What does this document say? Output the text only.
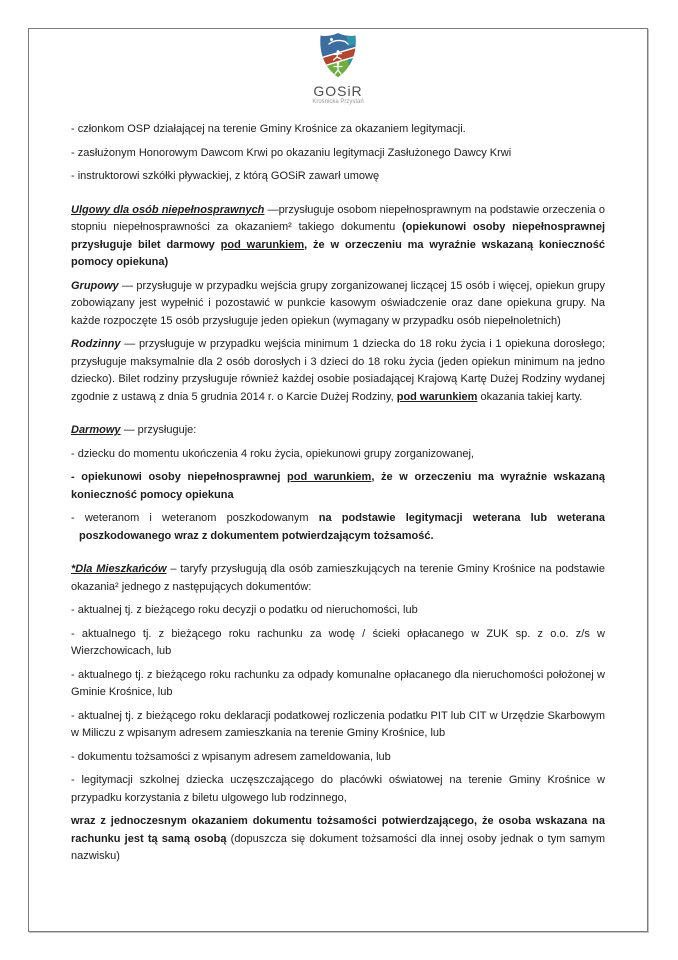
GOSiR
Krośnicka Przystań

- członkom OSP działającej na terenie Gminy Krośnice za okazaniem legitymacji.

- zasłużonym Honorowym Dawcom Krwi po okazaniu legitymacji Zasłużonego Dawcy Krwi

- instruktorowi szkółki pływackiej, z którą GOSiR zawarł umowę

Ulgowy dla osób niepełnosprawnych —przysługuje osobom niepełnosprawnym na podstawie orzeczenia o stopniu niepełnosprawności za okazaniem² takiego dokumentu (opiekunowi osoby niepełnosprawnej przysługuje bilet darmowy pod warunkiem, że w orzeczeniu ma wyraźnie wskazaną konieczność pomocy opiekuna)

Grupowy — przysługuje w przypadku wejścia grupy zorganizowanej liczącej 15 osób i więcej, opiekun grupy zobowiązany jest wypełnić i pozostawić w punkcie kasowym oświadczenie oraz dane opiekuna grupy. Na każde rozpoczęte 15 osób przysługuje jeden opiekun (wymagany w przypadku osób niepełnoletnich)

Rodzinny — przysługuje w przypadku wejścia minimum 1 dziecka do 18 roku życia i 1 opiekuna dorosłego; przysługuje maksymalnie dla 2 osób dorosłych i 3 dzieci do 18 roku życia (jeden opiekun minimum na jedno dziecko). Bilet rodziny przysługuje również każdej osobie posiadającej Krajową Kartę Dużej Rodziny wydanej zgodnie z ustawą z dnia 5 grudnia 2014 r. o Karcie Dużej Rodziny, pod warunkiem okazania takiej karty.

Darmowy — przysługuje:

- dziecku do momentu ukończenia 4 roku życia, opiekunowi grupy zorganizowanej,

- opiekunowi osoby niepełnosprawnej pod warunkiem, że w orzeczeniu ma wyraźnie wskazaną konieczność pomocy opiekuna

- weteranom i weteranom poszkodowanym na podstawie legitymacji weterana lub weterana poszkodowanego wraz z dokumentem potwierdzającym tożsamość.

*Dla Mieszkańców – taryfy przysługują dla osób zamieszkujących na terenie Gminy Krośnice na podstawie okazania² jednego z następujących dokumentów:

- aktualnej tj. z bieżącego roku decyzji o podatku od nieruchomości, lub

- aktualnego tj. z bieżącego roku rachunku za wodę / ścieki opłacanego w ZUK sp. z o.o. z/s w Wierzchowicach, lub

- aktualnego tj. z bieżącego roku rachunku za odpady komunalne opłacanego dla nieruchomości położonej w Gminie Krośnice, lub

- aktualnej tj. z bieżącego roku deklaracji podatkowej rozliczenia podatku PIT lub CIT w Urzędzie Skarbowym w Miliczu z wpisanym adresem zamieszkania na terenie Gminy Krośnice, lub

- dokumentu tożsamości z wpisanym adresem zameldowania, lub

- legitymacji szkolnej dziecka uczęszczającego do placówki oświatowej na terenie Gminy Krośnice w przypadku korzystania z biletu ulgowego lub rodzinnego,

wraz z jednoczesnym okazaniem dokumentu tożsamości potwierdzającego, że osoba wskazana na rachunku jest tą samą osobą (dopuszcza się dokument tożsamości dla innej osoby jednak o tym samym nazwisku)
